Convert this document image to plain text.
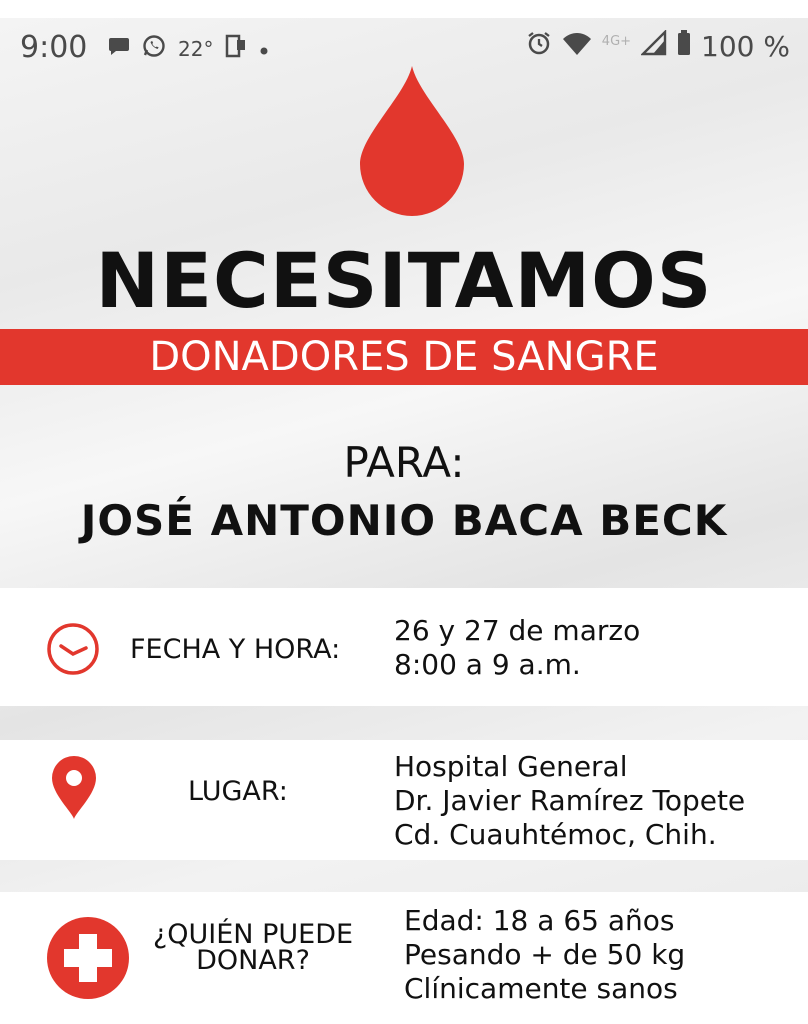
9:00	22°	4G+	100 %
NECESITAMOS
DONADORES DE SANGRE
PARA:
JOSÉ ANTONIO BACA BECK
FECHA Y HORA:
26 y 27 de marzo
8:00 a 9 a.m.
LUGAR:
Hospital General
Dr. Javier Ramírez Topete
Cd. Cuauhtémoc, Chih.
¿QUIÉN PUEDE
DONAR?
Edad: 18 a 65 años
Pesando + de 50 kg
Clínicamente sanos
